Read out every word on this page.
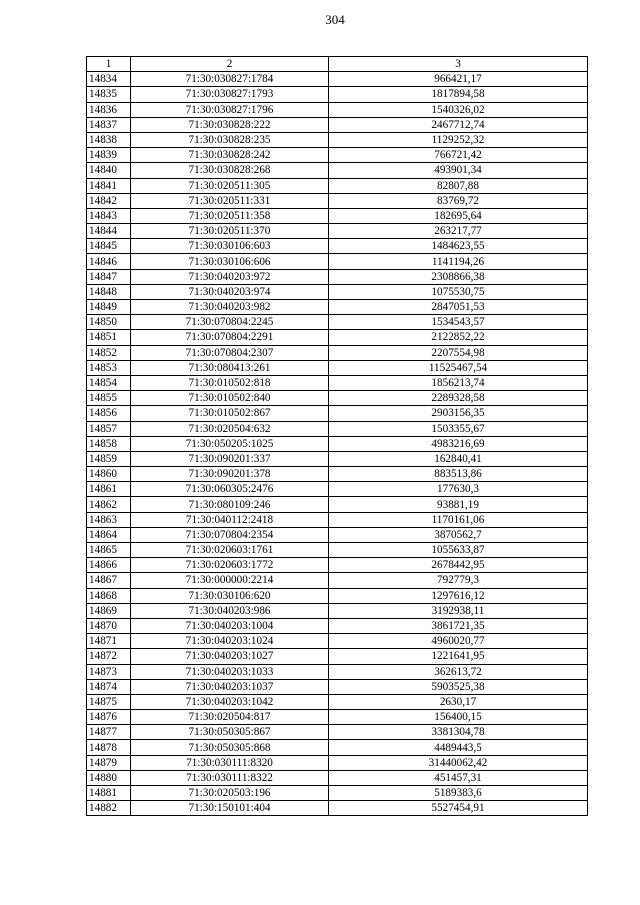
304
1	2	3
14834	71:30:030827:1784	966421,17
14835	71:30:030827:1793	1817894,58
14836	71:30:030827:1796	1540326,02
14837	71:30:030828:222	2467712,74
14838	71:30:030828:235	1129252,32
14839	71:30:030828:242	766721,42
14840	71:30:030828:268	493901,34
14841	71:30:020511:305	82807,88
14842	71:30:020511:331	83769,72
14843	71:30:020511:358	182695,64
14844	71:30:020511:370	263217,77
14845	71:30:030106:603	1484623,55
14846	71:30:030106:606	1141194,26
14847	71:30:040203:972	2308866,38
14848	71:30:040203:974	1075530,75
14849	71:30:040203:982	2847051,53
14850	71:30:070804:2245	1534543,57
14851	71:30:070804:2291	2122852,22
14852	71:30:070804:2307	2207554,98
14853	71:30:080413:261	11525467,54
14854	71:30:010502:818	1856213,74
14855	71:30:010502:840	2289328,58
14856	71:30:010502:867	2903156,35
14857	71:30:020504:632	1503355,67
14858	71:30:050205:1025	4983216,69
14859	71:30:090201:337	162840,41
14860	71:30:090201:378	883513,86
14861	71:30:060305:2476	177630,3
14862	71:30:080109:246	93881,19
14863	71:30:040112:2418	1170161,06
14864	71:30:070804:2354	3870562,7
14865	71:30:020603:1761	1055633,87
14866	71:30:020603:1772	2678442,95
14867	71:30:000000:2214	792779,3
14868	71:30:030106:620	1297616,12
14869	71:30:040203:986	3192938,11
14870	71:30:040203:1004	3861721,35
14871	71:30:040203:1024	4960020,77
14872	71:30:040203:1027	1221641,95
14873	71:30:040203:1033	362613,72
14874	71:30:040203:1037	5903525,38
14875	71:30:040203:1042	2630,17
14876	71:30:020504:817	156400,15
14877	71:30:050305:867	3381304,78
14878	71:30:050305:868	4489443,5
14879	71:30:030111:8320	31440062,42
14880	71:30:030111:8322	451457,31
14881	71:30:020503:196	5189383,6
14882	71:30:150101:404	5527454,91
